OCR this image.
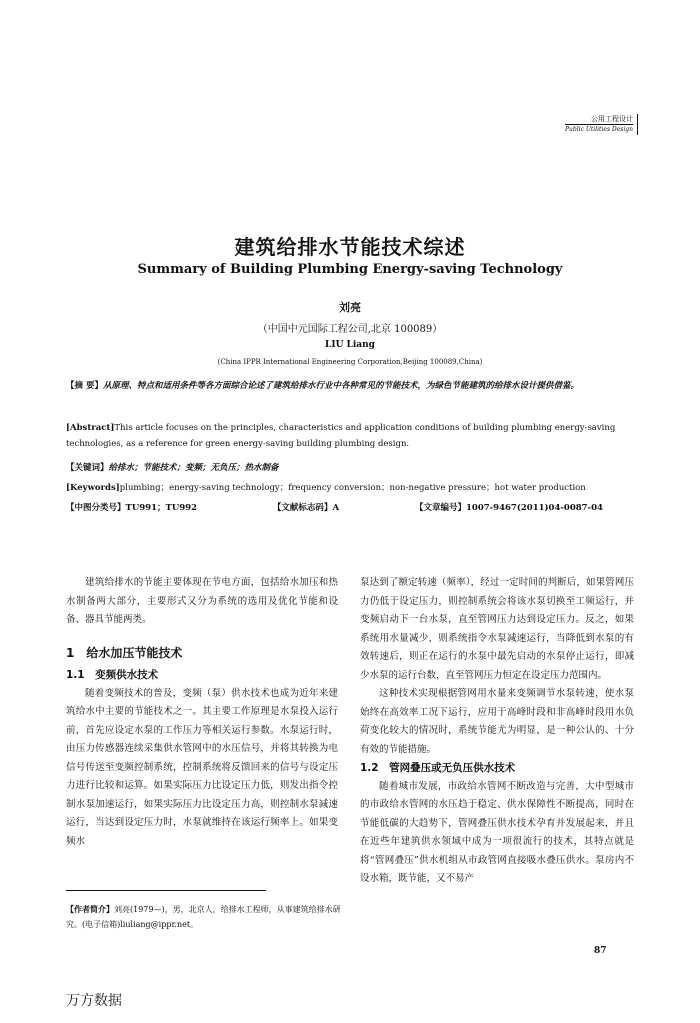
公用工程设计
Public Utilities Design
建筑给排水节能技术综述
Summary of Building Plumbing Energy-saving Technology
刘亮
（中国中元国际工程公司,北京 100089）
LIU Liang
(China IPPR International Engineering Corporation,Beijing 100089,China)
【摘 要】从原理、特点和适用条件等各方面综合论述了建筑给排水行业中各种常见的节能技术，为绿色节能建筑的给排水设计提供借鉴。
[Abstract]This article focuses on the principles, characteristics and application conditions of building plumbing energy-saving technologies, as a reference for green energy-saving building plumbing design.
【关键词】给排水；节能技术；变频；无负压；热水制备
[Keywords]plumbing；energy-saving technology；frequency conversion；non-negative pressure；hot water production
【中图分类号】TU991；TU992	【文献标志码】A	【文章编号】1007-9467(2011)04-0087-04

建筑给排水的节能主要体现在节电方面，包括给水加压和热水制备两大部分，主要形式又分为系统的选用及优化节能和设备、器具节能两类。

1　给水加压节能技术
1.1　变频供水技术

随着变频技术的普及，变频（泵）供水技术也成为近年来建筑给水中主要的节能技术之一。其主要工作原理是水泵投入运行前，首先应设定水泵的工作压力等相关运行参数。水泵运行时，由压力传感器连续采集供水管网中的水压信号，并将其转换为电信号传送至变频控制系统，控制系统将反馈回来的信号与设定压力进行比较和运算。如果实际压力比设定压力低，则发出指令控制水泵加速运行，如果实际压力比设定压力高，则控制水泵减速运行，当达到设定压力时，水泵就维持在该运行频率上。如果变频水

泵达到了额定转速（频率），经过一定时间的判断后，如果管网压力仍低于设定压力，则控制系统会将该水泵切换至工频运行，并变频启动下一台水泵，直至管网压力达到设定压力。反之，如果系统用水量减少，则系统指令水泵减速运行，当降低到水泵的有效转速后，则正在运行的水泵中最先启动的水泵停止运行，即减少水泵的运行台数，直至管网压力恒定在设定压力范围内。

这种技术实现根据管网用水量来变频调节水泵转速，使水泵始终在高效率工况下运行，应用于高峰时段和非高峰时段用水负荷变化较大的情况时，系统节能尤为明显，是一种公认的、十分有效的节能措施。

1.2　管网叠压或无负压供水技术

随着城市发展，市政给水管网不断改造与完善，大中型城市的市政给水管网的水压趋于稳定、供水保障性不断提高，同时在节能低碳的大趋势下，管网叠压供水技术孕育并发展起来，并且在近些年建筑供水领域中成为一项很流行的技术，其特点就是将“管网叠压”供水机组从市政管网直接吸水叠压供水。泵房内不设水箱，既节能，又不易产

【作者简介】刘亮(1979—)，男，北京人，给排水工程师，从事建筑给排水研究。(电子信箱)liuliang@ippr.net。
87
万方数据
